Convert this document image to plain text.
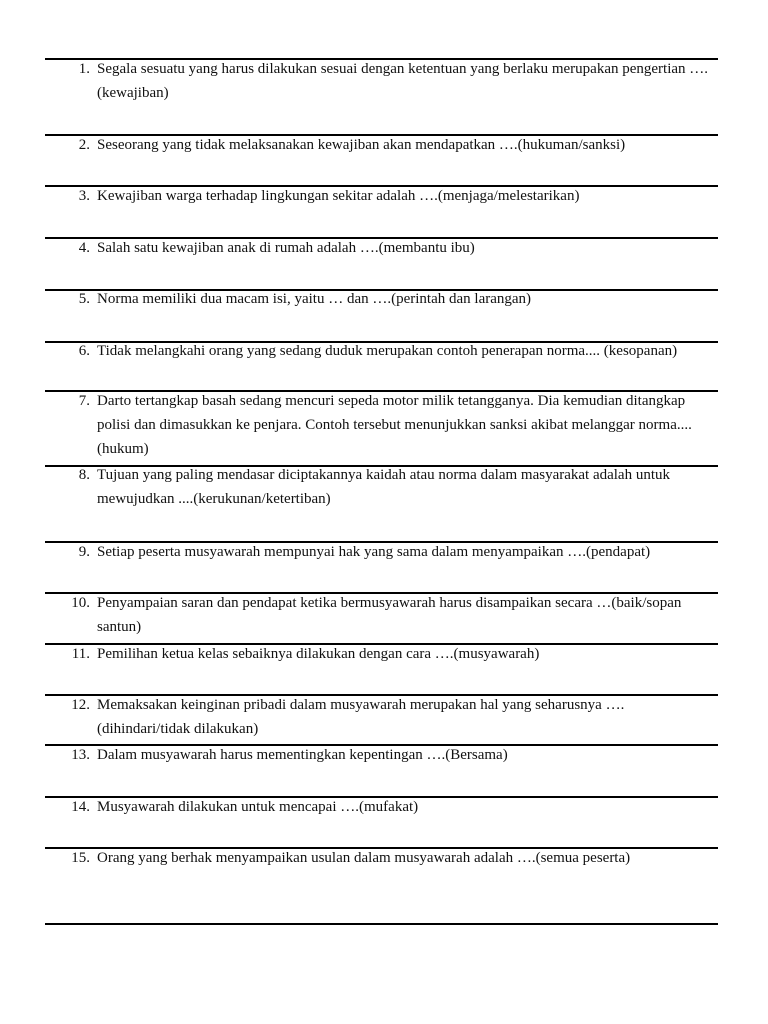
1. Segala sesuatu yang harus dilakukan sesuai dengan ketentuan yang berlaku merupakan pengertian …. (kewajiban)
2. Seseorang yang tidak melaksanakan kewajiban akan mendapatkan ….(hukuman/sanksi)
3. Kewajiban warga terhadap lingkungan sekitar adalah ….(menjaga/melestarikan)
4. Salah satu kewajiban anak di rumah adalah ….(membantu ibu)
5. Norma memiliki dua macam isi, yaitu … dan ….(perintah dan larangan)
6. Tidak melangkahi orang yang sedang duduk merupakan contoh penerapan norma.... (kesopanan)
7. Darto tertangkap basah sedang mencuri sepeda motor milik tetangganya. Dia kemudian ditangkap polisi dan dimasukkan ke penjara. Contoh tersebut menunjukkan sanksi akibat melanggar norma.... (hukum)
8. Tujuan yang paling mendasar diciptakannya kaidah atau norma dalam masyarakat adalah untuk mewujudkan ....(kerukunan/ketertiban)
9. Setiap peserta musyawarah mempunyai hak yang sama dalam menyampaikan ….(pendapat)
10. Penyampaian saran dan pendapat ketika bermusyawarah harus disampaikan secara …(baik/sopan santun)
11. Pemilihan ketua kelas sebaiknya dilakukan dengan cara ….(musyawarah)
12. Memaksakan keinginan pribadi dalam musyawarah merupakan hal yang seharusnya …. (dihindari/tidak dilakukan)
13. Dalam musyawarah harus mementingkan kepentingan ….(Bersama)
14. Musyawarah dilakukan untuk mencapai ….(mufakat)
15. Orang yang berhak menyampaikan usulan dalam musyawarah adalah ….(semua peserta)
